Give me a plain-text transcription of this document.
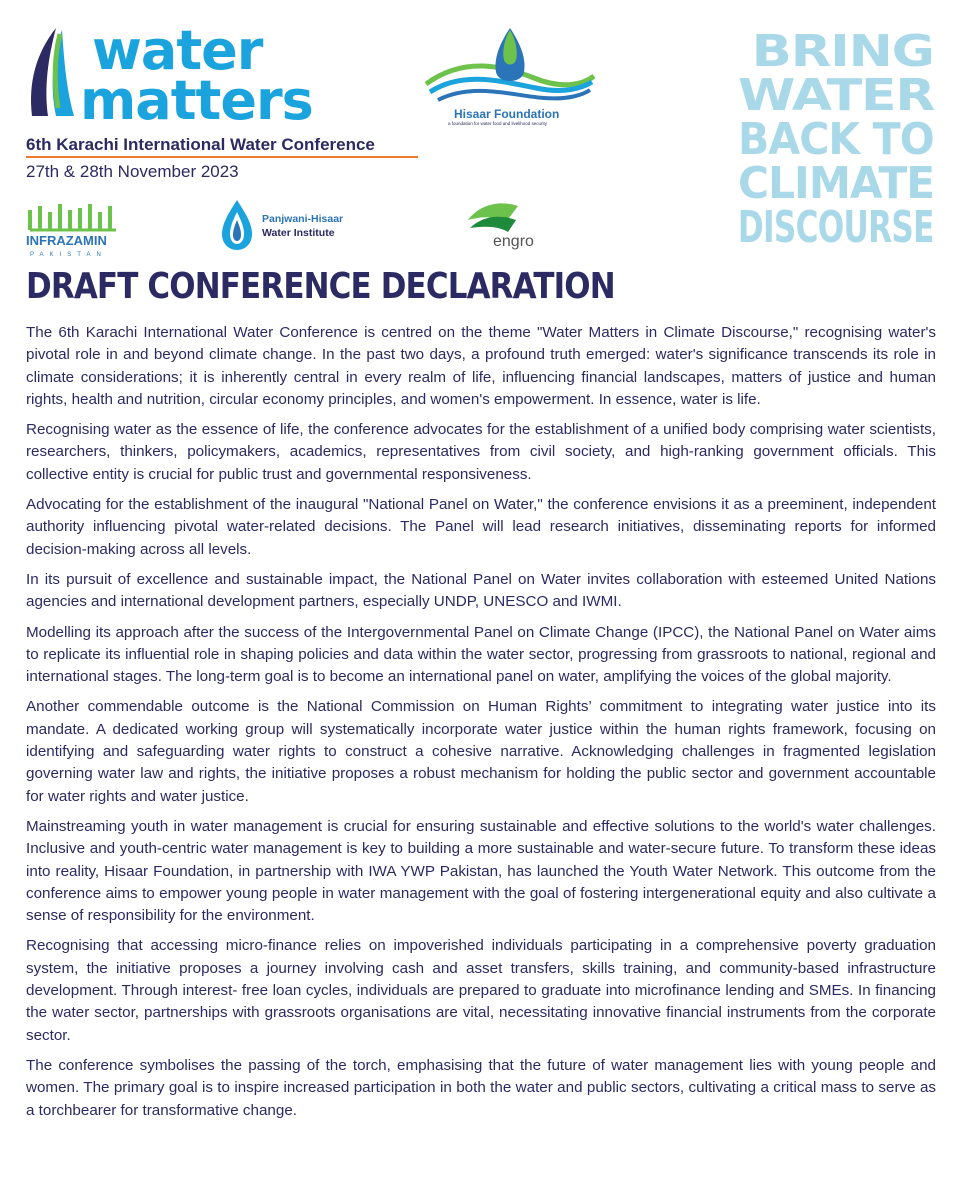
water
matters
6th Karachi International Water Conference
27th & 28th November 2023
Hisaar Foundation
a foundation for water food and livelihood security
INFRAZAMIN
PAKISTAN
Panjwani-Hisaar
Water Institute	engro
BRING
WATER
BACK TO
CLIMATE
DISCOURSE
DRAFT CONFERENCE DECLARATION

The 6th Karachi International Water Conference is centred on the theme "Water Matters in Climate Discourse," recognising water's pivotal role in and beyond climate change. In the past two days, a profound truth emerged: water's significance transcends its role in climate considerations; it is inherently central in every realm of life, influencing financial landscapes, matters of justice and human rights, health and nutrition, circular economy principles, and women's empowerment. In essence, water is life.

Recognising water as the essence of life, the conference advocates for the establishment of a unified body comprising water scientists, researchers, thinkers, policymakers, academics, representatives from civil society, and high-ranking government officials. This collective entity is crucial for public trust and governmental responsiveness.

Advocating for the establishment of the inaugural "National Panel on Water," the conference envisions it as a preeminent, independent authority influencing pivotal water-related decisions. The Panel will lead research initiatives, disseminating reports for informed decision-making across all levels.

In its pursuit of excellence and sustainable impact, the National Panel on Water invites collaboration with esteemed United Nations agencies and international development partners, especially UNDP, UNESCO and IWMI.

Modelling its approach after the success of the Intergovernmental Panel on Climate Change (IPCC), the National Panel on Water aims to replicate its influential role in shaping policies and data within the water sector, progressing from grassroots to national, regional and international stages. The long-term goal is to become an international panel on water, amplifying the voices of the global majority.

Another commendable outcome is the National Commission on Human Rights’ commitment to integrating water justice into its mandate. A dedicated working group will systematically incorporate water justice within the human rights framework, focusing on identifying and safeguarding water rights to construct a cohesive narrative. Acknowledging challenges in fragmented legislation governing water law and rights, the initiative proposes a robust mechanism for holding the public sector and government accountable for water rights and water justice.

Mainstreaming youth in water management is crucial for ensuring sustainable and effective solutions to the world's water challenges. Inclusive and youth-centric water management is key to building a more sustainable and water-secure future. To transform these ideas into reality, Hisaar Foundation, in partnership with IWA YWP Pakistan, has launched the Youth Water Network. This outcome from the conference aims to empower young people in water management with the goal of fostering intergenerational equity and also cultivate a sense of responsibility for the environment.

Recognising that accessing micro-finance relies on impoverished individuals participating in a comprehensive poverty graduation system, the initiative proposes a journey involving cash and asset transfers, skills training, and community-based infrastructure development. Through interest- free loan cycles, individuals are prepared to graduate into microfinance lending and SMEs. In financing the water sector, partnerships with grassroots organisations are vital, necessitating innovative financial instruments from the corporate sector.

The conference symbolises the passing of the torch, emphasising that the future of water management lies with young people and women. The primary goal is to inspire increased participation in both the water and public sectors, cultivating a critical mass to serve as a torchbearer for transformative change.
